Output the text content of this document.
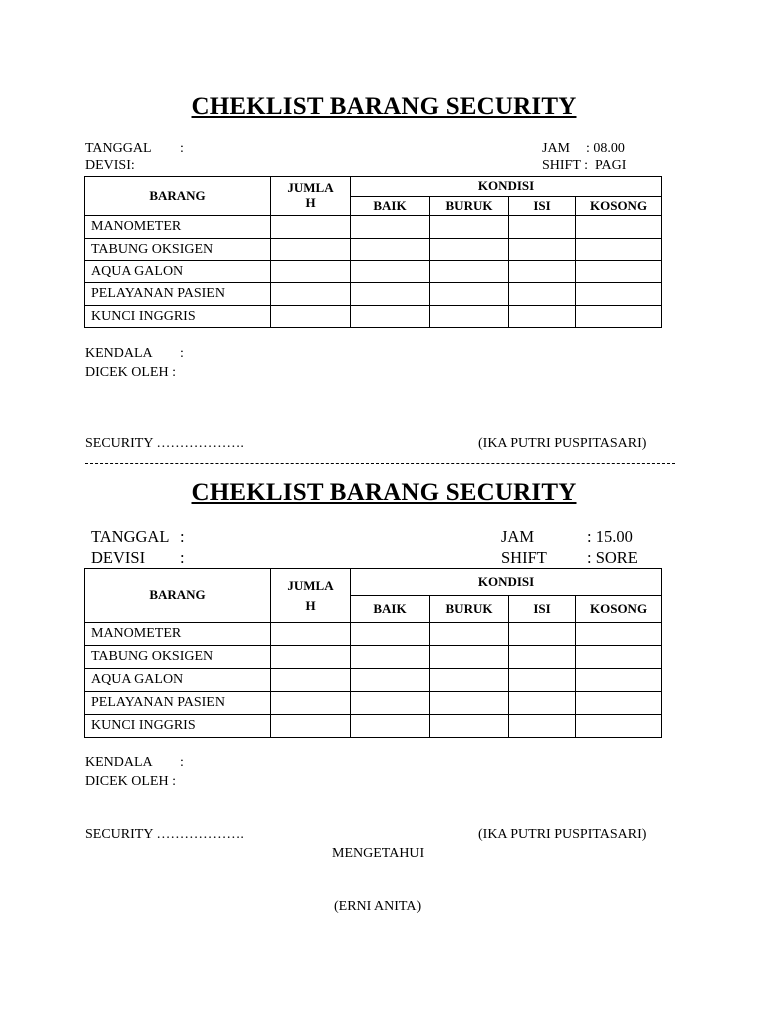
CHEKLIST BARANG SECURITY
TANGGAL :
DEVISI:
JAM : 08.00
SHIFT : PAGI
BARANG	JUMLA
H	KONDISI			
		BAIK	BURUK	ISI	KOSONG
MANOMETER					
TABUNG OKSIGEN					
AQUA GALON					
PELAYANAN PASIEN					
KUNCI INGGRIS					
KENDALA :
DICEK OLEH :
SECURITY ……………….	(IKA PUTRI PUSPITASARI)
CHEKLIST BARANG SECURITY
TANGGAL :
DEVISI :
JAM	: 15.00
SHIFT : SORE
BARANG	JUMLA
H	KONDISI			
		BAIK	BURUK	ISI	KOSONG
MANOMETER					
TABUNG OKSIGEN					
AQUA GALON					
PELAYANAN PASIEN					
KUNCI INGGRIS					
KENDALA :
DICEK OLEH :
SECURITY ……………….	(IKA PUTRI PUSPITASARI)
MENGETAHUI
(ERNI ANITA)
